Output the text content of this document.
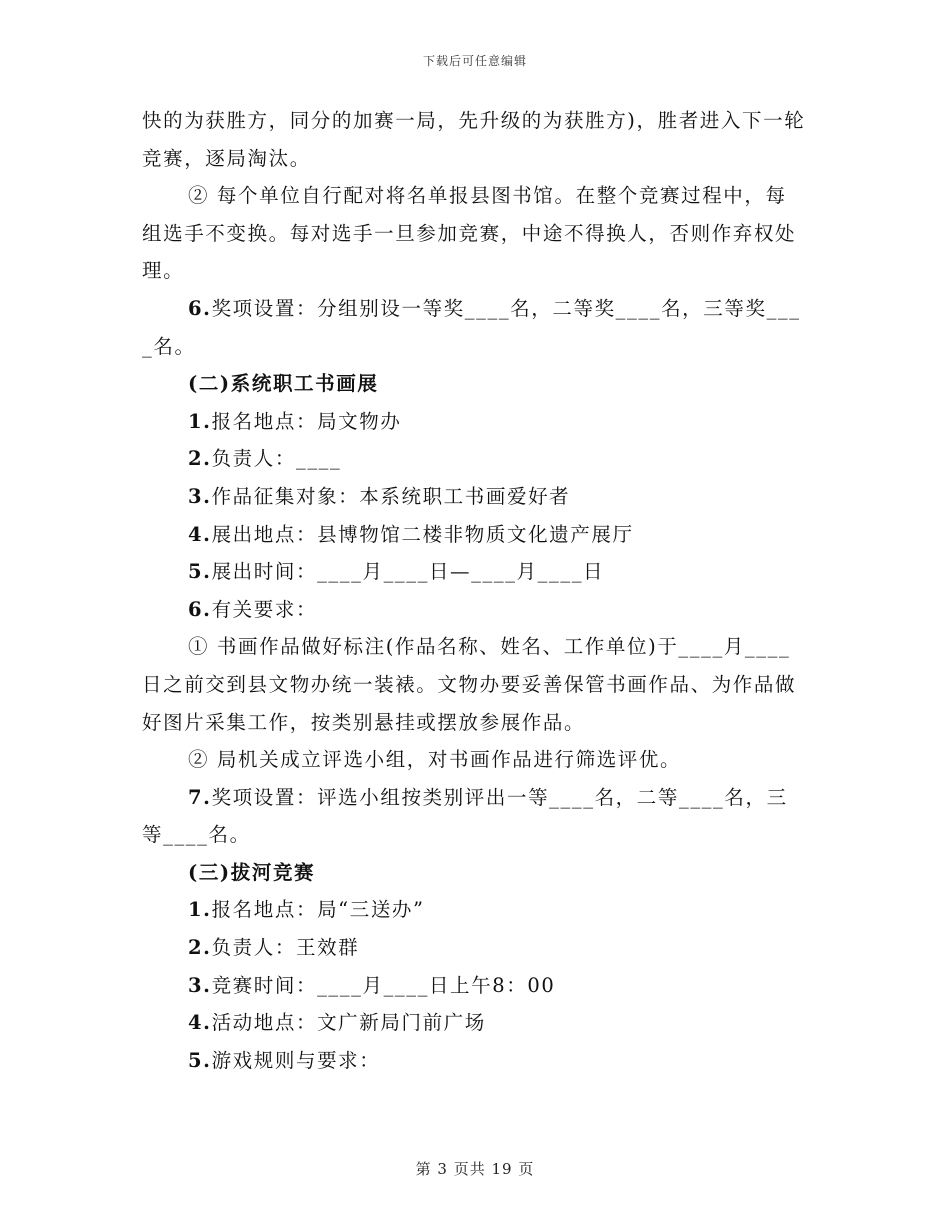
下载后可任意编辑

快的为获胜方，同分的加赛一局，先升级的为获胜方)，胜者进入下一轮竞赛，逐局淘汰。

② 每个单位自行配对将名单报县图书馆。在整个竞赛过程中，每组选手不变换。每对选手一旦参加竞赛，中途不得换人，否则作弃权处理。

6.奖项设置：分组别设一等奖____名，二等奖____名，三等奖____名。

(二)系统职工书画展

1.报名地点：局文物办

2.负责人：____

3.作品征集对象：本系统职工书画爱好者

4.展出地点：县博物馆二楼非物质文化遗产展厅

5.展出时间：____月____日—____月____日

6.有关要求：

① 书画作品做好标注(作品名称、姓名、工作单位)于____月____日之前交到县文物办统一装裱。文物办要妥善保管书画作品、为作品做好图片采集工作，按类别悬挂或摆放参展作品。

② 局机关成立评选小组，对书画作品进行筛选评优。

7.奖项设置：评选小组按类别评出一等____名，二等____名，三等____名。

(三)拔河竞赛

1.报名地点：局“三送办”

2.负责人：王效群

3.竞赛时间：____月____日上午8：00

4.活动地点：文广新局门前广场

5.游戏规则与要求：

第 3 页共 19 页
